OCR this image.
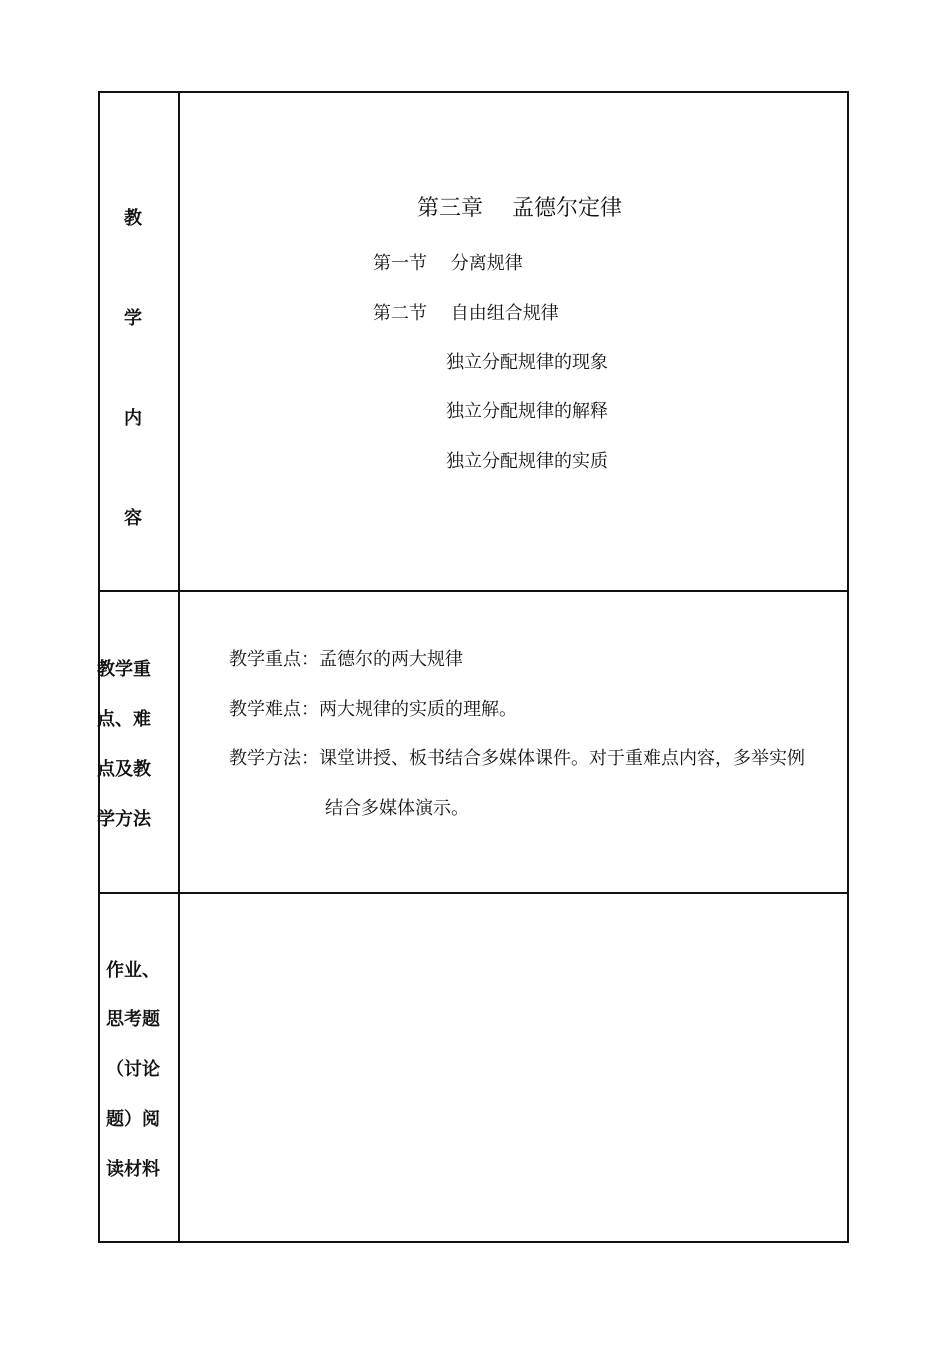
教
学
内
容
第三章　 孟德尔定律
第一节　 分离规律
第二节　 自由组合规律
独立分配规律的现象
独立分配规律的解释
独立分配规律的实质
教学重
点、难
点及教
学方法
教学重点：孟德尔的两大规律
教学难点：两大规律的实质的理解。
教学方法：课堂讲授、板书结合多媒体课件。对于重难点内容，多举实例
结合多媒体演示。
作业、
思考题
（讨论
题）阅
读材料
